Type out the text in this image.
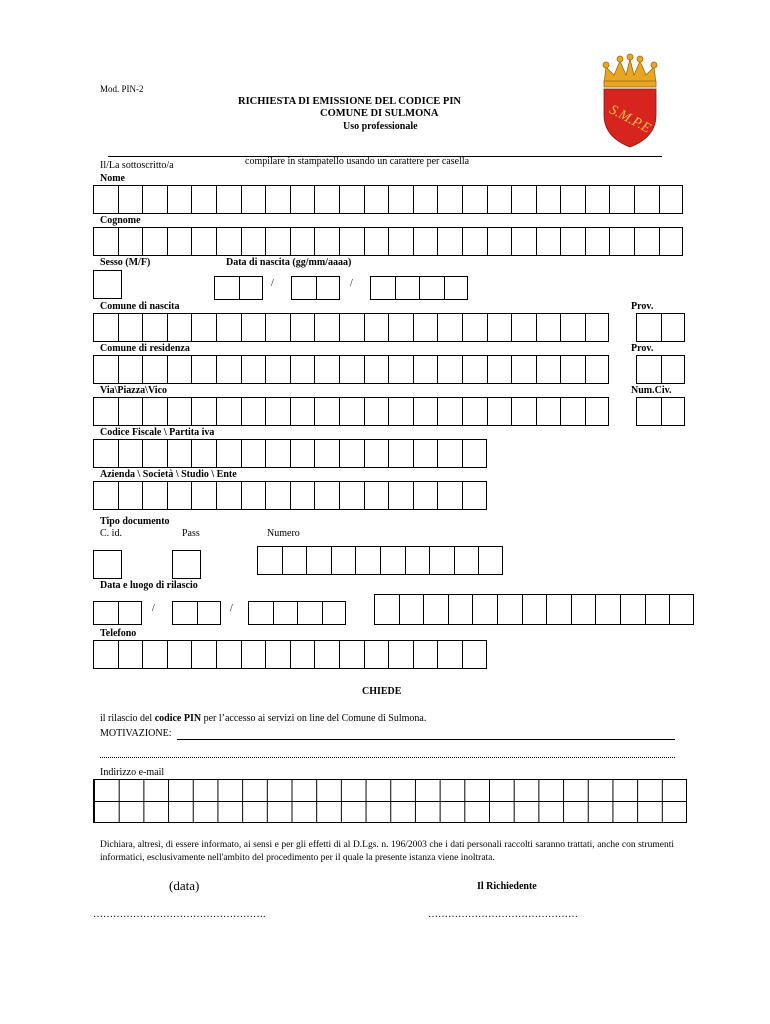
Mod. PIN-2
RICHIESTA DI EMISSIONE DEL CODICE PIN
COMUNE DI SULMONA
Uso professionale	S.M.P.E
compilare in stampatello usando un carattere per casella
Il/La sottoscritto/a
Nome
Cognome
Sesso (M/F)	Data di nascita (gg/mm/aaaa)
/	/
Comune di nascita	Prov.
Comune di residenza	Prov.
Via\Piazza\Vico	Num.Civ.
Codice Fiscale \ Partita iva
Azienda \ Società \ Studio \ Ente
Tipo documento
C. id.	Pass	Numero
Data e luogo di rilascio
/	/
Telefono
CHIEDE
il rilascio del codice PIN per l’accesso ai servizi on line del Comune di Sulmona.
MOTIVAZIONE:
Indirizzo e-mail
Dichiara, altresì, di essere informato, ai sensi e per gli effetti di al D.Lgs. n. 196/2003 che i dati personali raccolti saranno trattati, anche con strumenti informatici, esclusivamente nell'ambito del procedimento per il quale la presente istanza viene inoltrata.
(data)	Il Richiedente
…………………………………………….	………………………………………
